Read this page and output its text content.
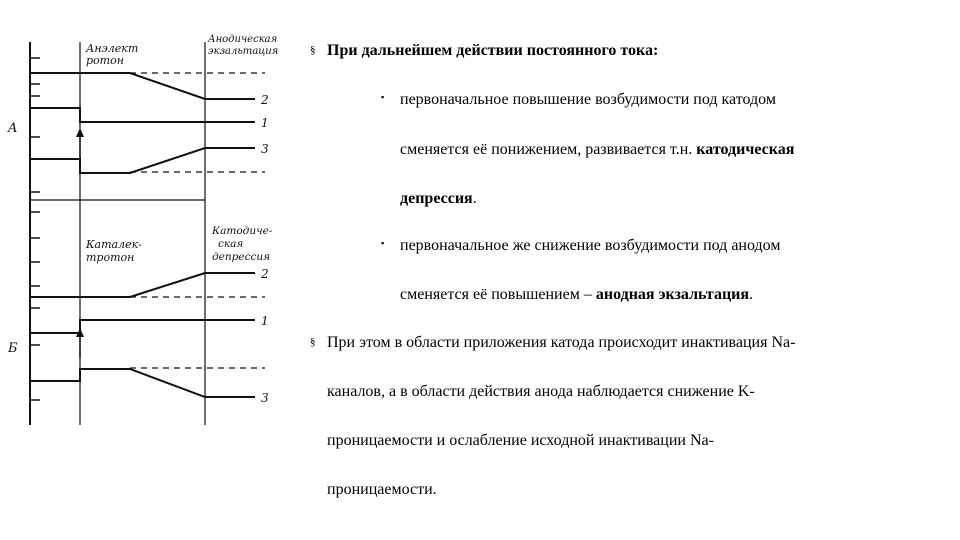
A
Б
Анэлект
ротон
Анодическая
экзальтация
Каталек-
тротон
Катодиче-
ская
депрессия
2
1
3
2
1
3
§ При дальнейшем действии постоянного тока:
▪ первоначальное повышение возбудимости под катодом
сменяется её понижением, развивается т.н. катодическая
депрессия.
▪ первоначальное же снижение возбудимости под анодом
сменяется её повышением – анодная экзальтация.
§ При этом в области приложения катода происходит инактивация Na-
каналов, а в области действия анода наблюдается снижение K-
проницаемости и ослабление исходной инактивации Na-
проницаемости.
